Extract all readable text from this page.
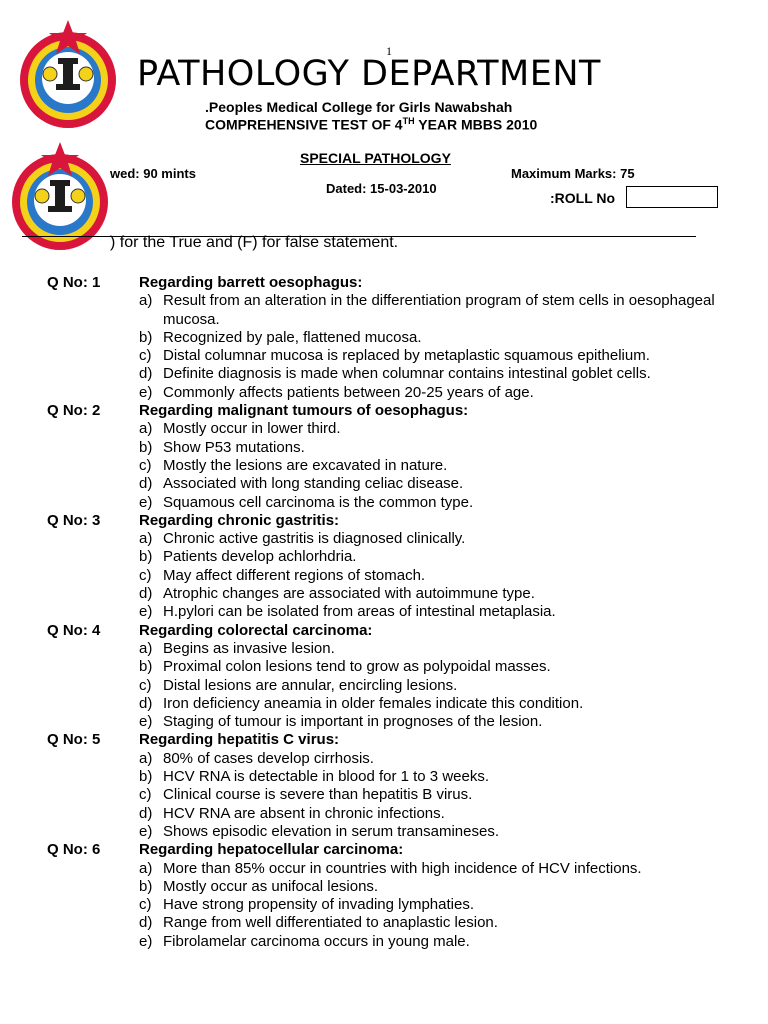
1
PATHOLOGY DEPARTMENT
.Peoples Medical College for Girls Nawabshah
COMPREHENSIVE TEST OF 4TH YEAR MBBS 2010
SPECIAL PATHOLOGY
wed: 90 mints	Maximum Marks: 75
Dated: 15-03-2010
:ROLL No
) for the True and (F) for false statement.
Q No: 1	Regarding barrett oesophagus:
a) Result from an alteration in the differentiation program of stem cells in oesophageal mucosa.
b) Recognized by pale, flattened mucosa.
c) Distal columnar mucosa is replaced by metaplastic squamous epithelium.
d) Definite diagnosis is made when columnar contains intestinal goblet cells.
e) Commonly affects patients between 20-25 years of age.
Q No: 2	Regarding malignant tumours of oesophagus:
a) Mostly occur in lower third.
b) Show P53 mutations.
c) Mostly the lesions are excavated in nature.
d) Associated with long standing celiac disease.
e) Squamous cell carcinoma is the common type.
Q No: 3	Regarding chronic gastritis:
a) Chronic active gastritis is diagnosed clinically.
b) Patients develop achlorhdria.
c) May affect different regions of stomach.
d) Atrophic changes are associated with autoimmune type.
e) H.pylori can be isolated from areas of intestinal metaplasia.
Q No: 4	Regarding colorectal carcinoma:
a) Begins as invasive lesion.
b) Proximal colon lesions tend to grow as polypoidal masses.
c) Distal lesions are annular, encircling lesions.
d) Iron deficiency aneamia in older females indicate this condition.
e) Staging of tumour is important in prognoses of the lesion.
Q No: 5	Regarding hepatitis C virus:
a) 80% of cases develop cirrhosis.
b) HCV RNA is detectable in blood for 1 to 3 weeks.
c) Clinical course is severe than hepatitis B virus.
d) HCV RNA are absent in chronic infections.
e) Shows episodic elevation in serum transamineses.
Q No: 6	Regarding hepatocellular carcinoma:
a) More than 85% occur in countries with high incidence of HCV infections.
b) Mostly occur as unifocal lesions.
c) Have strong propensity of invading lymphaties.
d) Range from well differentiated to anaplastic lesion.
e) Fibrolamelar carcinoma occurs in young male.
